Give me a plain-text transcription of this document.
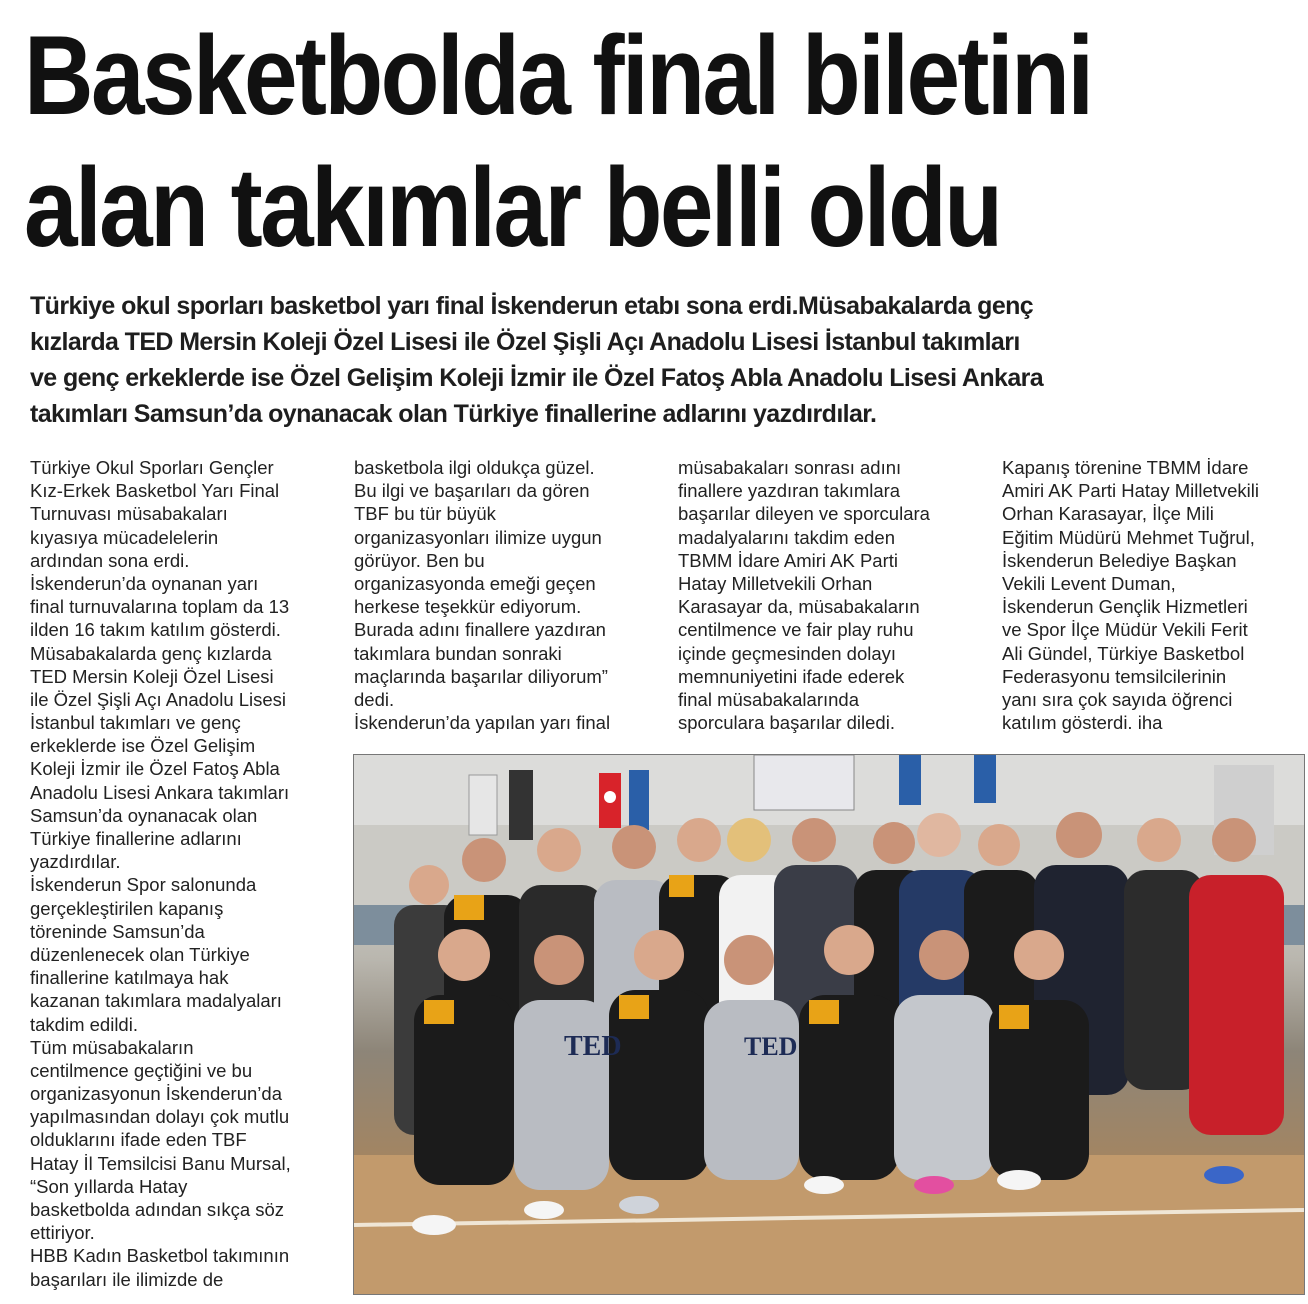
Basketbolda final biletini
alan takımlar belli oldu
Türkiye okul sporları basketbol yarı final İskenderun etabı sona erdi.Müsabakalarda genç
kızlarda TED Mersin Koleji Özel Lisesi ile Özel Şişli Açı Anadolu Lisesi İstanbul takımları
ve genç erkeklerde ise Özel Gelişim Koleji İzmir ile Özel Fatoş Abla Anadolu Lisesi Ankara
takımları Samsun’da oynanacak olan Türkiye finallerine adlarını yazdırdılar.
Türkiye Okul Sporları Gençler
Kız-Erkek Basketbol Yarı Final
Turnuvası müsabakaları
kıyasıya mücadelelerin
ardından sona erdi.
İskenderun’da oynanan yarı
final turnuvalarına toplam da 13
ilden 16 takım katılım gösterdi.
Müsabakalarda genç kızlarda
TED Mersin Koleji Özel Lisesi
ile Özel Şişli Açı Anadolu Lisesi
İstanbul takımları ve genç
erkeklerde ise Özel Gelişim
Koleji İzmir ile Özel Fatoş Abla
Anadolu Lisesi Ankara takımları
Samsun’da oynanacak olan
Türkiye finallerine adlarını
yazdırdılar.
İskenderun Spor salonunda
gerçekleştirilen kapanış
töreninde Samsun’da
düzenlenecek olan Türkiye
finallerine katılmaya hak
kazanan takımlara madalyaları
takdim edildi.
Tüm müsabakaların
centilmence geçtiğini ve bu
organizasyonun İskenderun’da
yapılmasından dolayı çok mutlu
olduklarını ifade eden TBF
Hatay İl Temsilcisi Banu Mursal,
“Son yıllarda Hatay
basketbolda adından sıkça söz
ettiriyor.
HBB Kadın Basketbol takımının
başarıları ile ilimizde de
basketbola ilgi oldukça güzel.
Bu ilgi ve başarıları da gören
TBF bu tür büyük
organizasyonları ilimize uygun
görüyor. Ben bu
organizasyonda emeği geçen
herkese teşekkür ediyorum.
Burada adını finallere yazdıran
takımlara bundan sonraki
maçlarında başarılar diliyorum”
dedi.
İskenderun’da yapılan yarı final
müsabakaları sonrası adını
finallere yazdıran takımlara
başarılar dileyen ve sporculara
madalyalarını takdim eden
TBMM İdare Amiri AK Parti
Hatay Milletvekili Orhan
Karasayar da, müsabakaların
centilmence ve fair play ruhu
içinde geçmesinden dolayı
memnuniyetini ifade ederek
final müsabakalarında
sporculara başarılar diledi.
Kapanış törenine TBMM İdare
Amiri AK Parti Hatay Milletvekili
Orhan Karasayar, İlçe Mili
Eğitim Müdürü Mehmet Tuğrul,
İskenderun Belediye Başkan
Vekili Levent Duman,
İskenderun Gençlik Hizmetleri
ve Spor İlçe Müdür Vekili Ferit
Ali Gündel, Türkiye Basketbol
Federasyonu temsilcilerinin
yanı sıra çok sayıda öğrenci
katılım gösterdi. iha
TED	TED
